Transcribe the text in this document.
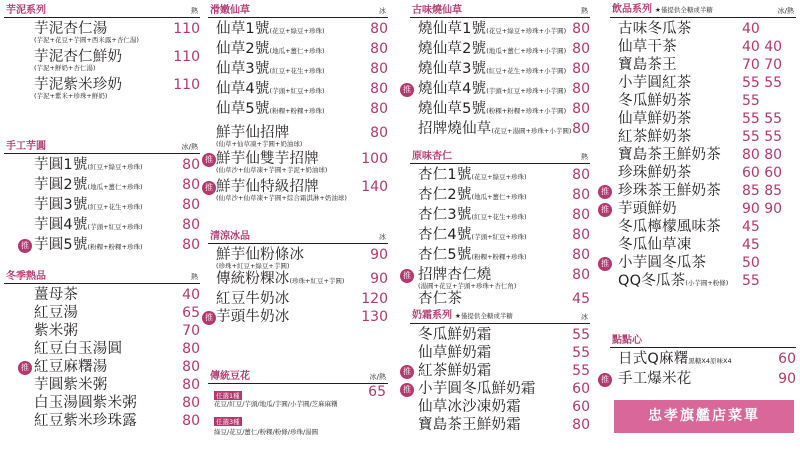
芋泥系列	熱
芋泥杏仁湯	110
(芋泥+花豆+芋圓+西米露+杏仁湯)
芋泥杏仁鮮奶	110
(芋泥+鮮奶+杏仁湯)
芋泥紫米珍奶	110
(芋泥+紫米+珍珠+鮮奶)
手工芋圓	冰/熱
芋圓1號(紅豆+綠豆+珍珠)	80
芋圓2號(地瓜+薑仁+珍珠)	80
芋圓3號(紅豆+花生+珍珠)	80
芋圓4號(芋頭+紅豆+珍珠)	80
推 芋圓5號(粉粿+粉粿+珍珠)	80
冬季熱品	熱
薑母茶	40
紅豆湯	65
紫米粥	70
紅豆白玉湯圓	80
推 紅豆麻糬湯	80
芋圓紫米粥	80
白玉湯圓紫米粥	80
紅豆紫米珍珠露	80
滑嫩仙草	冰
仙草1號(花豆+綠豆+珍珠)	80
仙草2號(地瓜+薑仁+珍珠)	80
仙草3號(紅豆+花生+珍珠)	80
仙草4號(芋頭+紅豆+珍珠)	80
仙草5號(粉粿+粉粿+珍珠)	80
鮮芋仙招牌	80
(仙草+仙草凍+芋圓+奶油球)
推 鮮芋仙雙芋招牌	100
(仙草沙+仙草凍+芋圓+芋泥+奶油球)
推 鮮芋仙特級招牌	140
(仙草沙+仙草凍+芋圓+綜合霜淇淋+奶油球)
清涼冰品	冰
鮮芋仙粉條冰	90
(珍珠+紅豆+綠豆+芋圓)
傳統粉粿冰(珍珠+紅豆+芋圓) 90
紅豆牛奶冰	120
推 芋頭牛奶冰	130
傳統豆花	冰/熱
任選1種	65
花豆/紅豆/芋頭/地瓜/芋圓/小芋圓/芝麻麻糬
任選3種
綠豆/花豆/薑仁/粉粿/粉條/珍珠/湯圓
古味燒仙草	熱
燒仙草1號(花豆+綠豆+珍珠+小芋圓) 80
燒仙草2號(地瓜+薑仁+珍珠+小芋圓) 80
燒仙草3號(紅豆+花生+珍珠+小芋圓) 80
推 燒仙草4號(芋頭+紅豆+珍珠+小芋圓) 80
燒仙草5號(粉粿+粉粿+珍珠+小芋圓) 80
招牌燒仙草(花豆+湯圓+珍珠+小芋圓) 80
原味杏仁	熱
杏仁1號(花豆+綠豆+珍珠)	80
杏仁2號(地瓜+薑仁+珍珠)	80
杏仁3號(紅豆+花生+珍珠)	80
杏仁4號(芋頭+紅豆+珍珠)	80
杏仁5號(粉粿+粉粿+珍珠)	80
推 招牌杏仁燒	80
(湯圓+花豆+芋頭+珍珠+杏仁角)
杏仁茶	45
奶霜系列 ★僅提供全糖或半糖	冰
冬瓜鮮奶霜	55
仙草鮮奶霜	55
推 紅茶鮮奶霜	55
推 小芋圓冬瓜鮮奶霜	60
仙草冰沙凍奶霜	60
寶島茶王鮮奶霜	80
飲品系列 ★僅提供全糖或半糖	冰/熱
古味冬瓜茶	40
仙草干茶	40 40
寶島茶王	70 70
小芋圓紅茶	55 55
冬瓜鮮奶茶	55
仙草鮮奶茶	55 55
紅茶鮮奶茶	55 55
寶島茶王鮮奶茶 80 80
珍珠鮮奶茶	60 60
推 珍珠茶王鮮奶茶 85 85
推 芋頭鮮奶	90 90
冬瓜檸檬風味茶 45
冬瓜仙草凍	45
推 小芋圓冬瓜茶	50
QQ冬瓜茶(小芋圓+粉條) 55
點點心
日式Q麻糬黑糖X4原味X4	60
推 手工爆米花	90
忠孝旗艦店菜單
